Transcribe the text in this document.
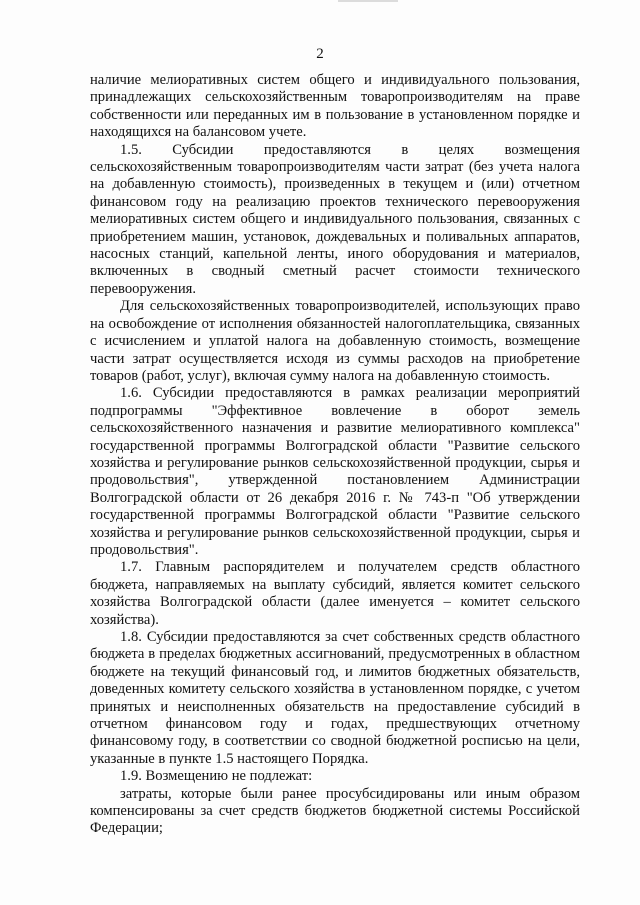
2

наличие мелиоративных систем общего и индивидуального пользования, принадлежащих сельскохозяйственным товаропроизводителям на праве собственности или переданных им в пользование в установленном порядке и находящихся на балансовом учете.

1.5. Субсидии предоставляются в целях возмещения сельскохозяйственным товаропроизводителям части затрат (без учета налога на добавленную стоимость), произведенных в текущем и (или) отчетном финансовом году на реализацию проектов технического перевооружения мелиоративных систем общего и индивидуального пользования, связанных с приобретением машин, установок, дождевальных и поливальных аппаратов, насосных станций, капельной ленты, иного оборудования и материалов, включенных в сводный сметный расчет стоимости технического перевооружения.

Для сельскохозяйственных товаропроизводителей, использующих право на освобождение от исполнения обязанностей налогоплательщика, связанных с исчислением и уплатой налога на добавленную стоимость, возмещение части затрат осуществляется исходя из суммы расходов на приобретение товаров (работ, услуг), включая сумму налога на добавленную стоимость.

1.6. Субсидии предоставляются в рамках реализации мероприятий подпрограммы "Эффективное вовлечение в оборот земель сельскохозяйственного назначения и развитие мелиоративного комплекса" государственной программы Волгоградской области "Развитие сельского хозяйства и регулирование рынков сельскохозяйственной продукции, сырья и продовольствия", утвержденной постановлением Администрации Волгоградской области от 26 декабря 2016 г. № 743-п "Об утверждении государственной программы Волгоградской области "Развитие сельского хозяйства и регулирование рынков сельскохозяйственной продукции, сырья и продовольствия".

1.7. Главным распорядителем и получателем средств областного бюджета, направляемых на выплату субсидий, является комитет сельского хозяйства Волгоградской области (далее именуется – комитет сельского хозяйства).

1.8. Субсидии предоставляются за счет собственных средств областного бюджета в пределах бюджетных ассигнований, предусмотренных в областном бюджете на текущий финансовый год, и лимитов бюджетных обязательств, доведенных комитету сельского хозяйства в установленном порядке, с учетом принятых и неисполненных обязательств на предоставление субсидий в отчетном финансовом году и годах, предшествующих отчетному финансовому году, в соответствии со сводной бюджетной росписью на цели, указанные в пункте 1.5 настоящего Порядка.

1.9. Возмещению не подлежат:

затраты, которые были ранее просубсидированы или иным образом компенсированы за счет средств бюджетов бюджетной системы Российской Федерации;
